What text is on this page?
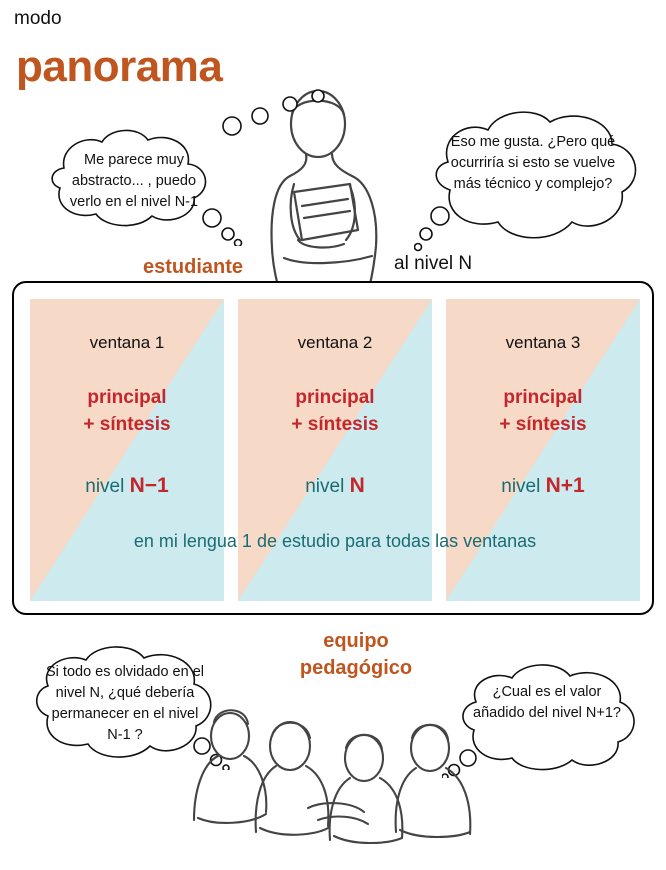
modo
panorama
Me parece muy abstracto... , puedo verlo en el nivel N-1
Eso me gusta. ¿Pero qué ocurriría si esto se vuelve más técnico y complejo?
estudiante	al nivel N
ventana 1
principal
+ síntesis
nivel N−1
ventana 2
principal
+ síntesis
nivel N
ventana 3
principal
+ síntesis
nivel N+1
en mi lengua 1 de estudio para todas las ventanas
equipo
pedagógico
Si todo es olvidado en el nivel N, ¿qué debería permanecer en el nivel N-1 ?
¿Cual es el valor añadido del nivel N+1?
